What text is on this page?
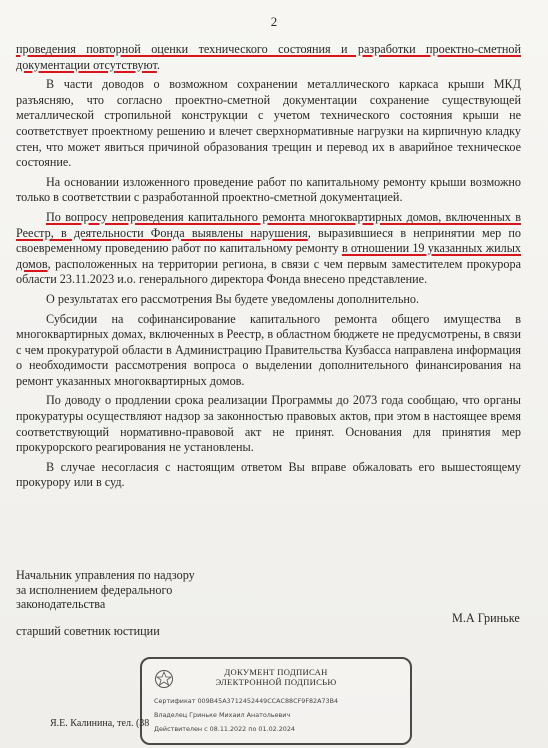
2

проведения повторной оценки технического состояния и разработки проектно-сметной документации отсутствуют.

В части доводов о возможном сохранении металлического каркаса крыши МКД разъясняю, что согласно проектно-сметной документации сохранение существующей металлической стропильной конструкции с учетом технического состояния крыши не соответствует проектному решению и влечет сверхнормативные нагрузки на кирпичную кладку стен, что может явиться причиной образования трещин и перевод их в аварийное техническое состояние.

На основании изложенного проведение работ по капитальному ремонту крыши возможно только в соответствии с разработанной проектно-сметной документацией.

По вопросу непроведения капитального ремонта многоквартирных домов, включенных в Реестр, в деятельности Фонда выявлены нарушения, выразившиеся в непринятии мер по своевременному проведению работ по капитальному ремонту в отношении 19 указанных жилых домов, расположенных на территории региона, в связи с чем первым заместителем прокурора области 23.11.2023 и.о. генерального директора Фонда внесено представление.

О результатах его рассмотрения Вы будете уведомлены дополнительно.

Субсидии на софинансирование капитального ремонта общего имущества в многоквартирных домах, включенных в Реестр, в областном бюджете не предусмотрены, в связи с чем прокуратурой области в Администрацию Правительства Кузбасса направлена информация о необходимости рассмотрения вопроса о выделении дополнительного финансирования на ремонт указанных многоквартирных домов.

По доводу о продлении срока реализации Программы до 2073 года сообщаю, что органы прокуратуры осуществляют надзор за законностью правовых актов, при этом в настоящее время соответствующий нормативно-правовой акт не принят. Основания для принятия мер прокурорского реагирования не установлены.

В случае несогласия с настоящим ответом Вы вправе обжаловать его вышестоящему прокурору или в суд.

Начальник управления по надзору
за исполнением федерального
законодательства
старший советник юстиции
М.А Гриньке
ДОКУМЕНТ ПОДПИСАН
ЭЛЕКТРОННОЙ ПОДПИСЬЮ
Сертификат 009В45А3712452449ССАС88СF9F82А73В4
Владелец Гриньке Михаил Анатольевич
Действителен с 08.11.2022 по 01.02.2024
Я.Е. Калинина, тел. (38
